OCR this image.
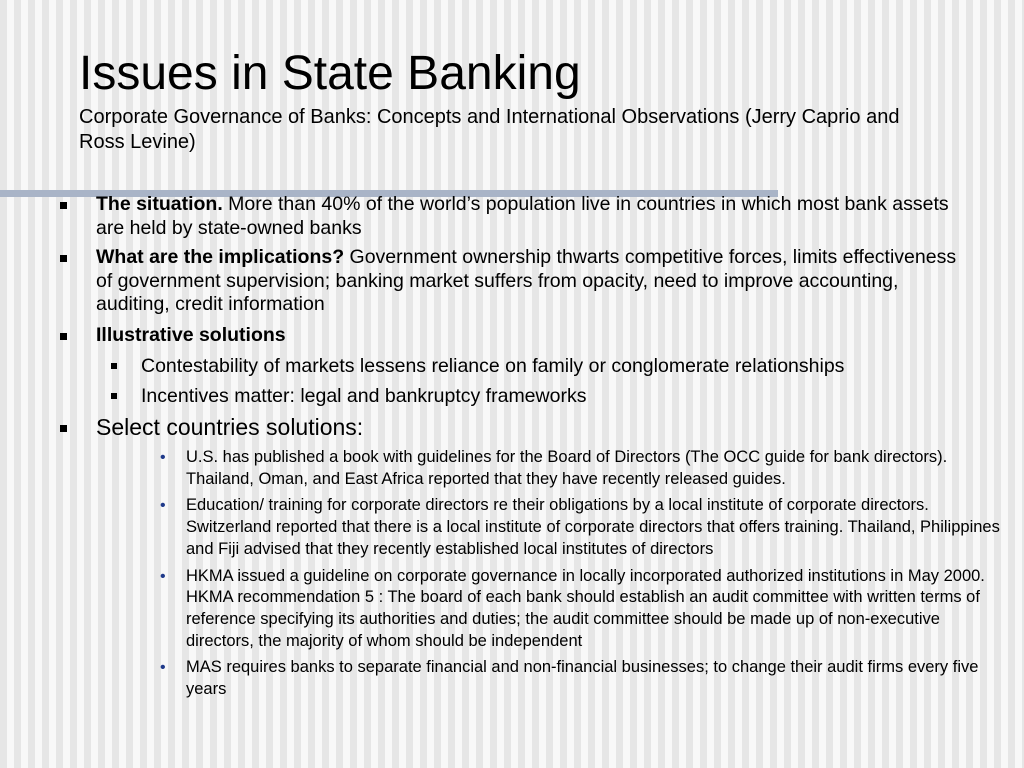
Issues in State Banking
Corporate Governance of Banks: Concepts and International Observations (Jerry Caprio and Ross Levine)
The situation. More than 40% of the world’s population live in countries in which most bank assets are held by state-owned banks
What are the implications? Government ownership thwarts competitive forces, limits effectiveness of government supervision; banking market suffers from opacity, need to improve accounting, auditing, credit information
Illustrative solutions
Contestability of markets lessens reliance on family or conglomerate relationships
Incentives matter: legal and bankruptcy frameworks
Select countries solutions:
• U.S. has published a book with guidelines for the Board of Directors (The OCC guide for bank directors). Thailand, Oman, and East Africa reported that they have recently released guides.
• Education/ training for corporate directors re their obligations by a local institute of corporate directors. Switzerland reported that there is a local institute of corporate directors that offers training. Thailand, Philippines and Fiji advised that they recently established local institutes of directors
• HKMA issued a guideline on corporate governance in locally incorporated authorized institutions in May 2000. HKMA recommendation 5 : The board of each bank should establish an audit committee with written terms of reference specifying its authorities and duties; the audit committee should be made up of non-executive directors, the majority of whom should be independent
• MAS requires banks to separate financial and non-financial businesses; to change their audit firms every five years
